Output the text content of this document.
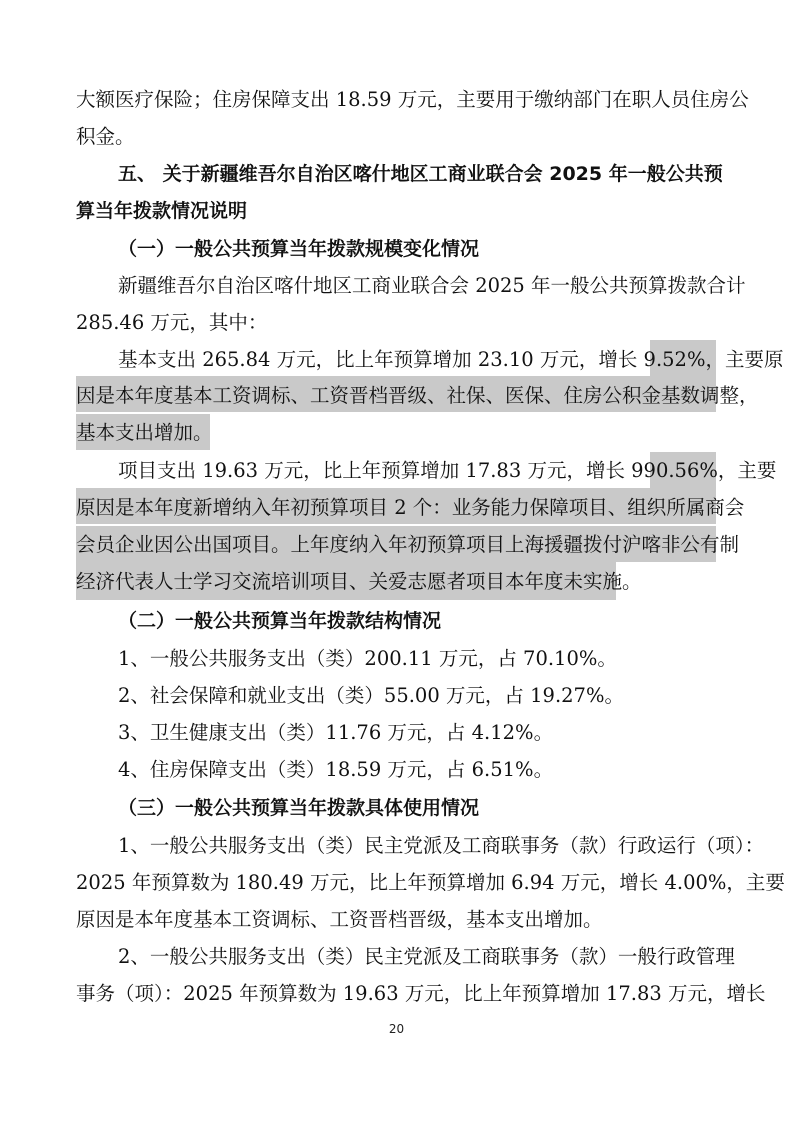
大额医疗保险；住房保障支出 18.59 万元，主要用于缴纳部门在职人员住房公
积金。
五、 关于新疆维吾尔自治区喀什地区工商业联合会 2025 年一般公共预
算当年拨款情况说明
（一）一般公共预算当年拨款规模变化情况
新疆维吾尔自治区喀什地区工商业联合会 2025 年一般公共预算拨款合计
285.46 万元，其中：
基本支出 265.84 万元，比上年预算增加 23.10 万元，增长 9.52%，主要原
因是本年度基本工资调标、工资晋档晋级、社保、医保、住房公积金基数调整，
基本支出增加。
项目支出 19.63 万元，比上年预算增加 17.83 万元，增长 990.56%，主要
原因是本年度新增纳入年初预算项目 2 个：业务能力保障项目、组织所属商会
会员企业因公出国项目。上年度纳入年初预算项目上海援疆拨付沪喀非公有制
经济代表人士学习交流培训项目、关爱志愿者项目本年度未实施。
（二）一般公共预算当年拨款结构情况
1、一般公共服务支出（类）200.11 万元，占 70.10%。
2、社会保障和就业支出（类）55.00 万元，占 19.27%。
3、卫生健康支出（类）11.76 万元，占 4.12%。
4、住房保障支出（类）18.59 万元，占 6.51%。
（三）一般公共预算当年拨款具体使用情况
1、一般公共服务支出（类）民主党派及工商联事务（款）行政运行（项）：
2025 年预算数为 180.49 万元，比上年预算增加 6.94 万元，增长 4.00%，主要
原因是本年度基本工资调标、工资晋档晋级，基本支出增加。
2、一般公共服务支出（类）民主党派及工商联事务（款）一般行政管理
事务（项）：2025 年预算数为 19.63 万元，比上年预算增加 17.83 万元，增长
20
